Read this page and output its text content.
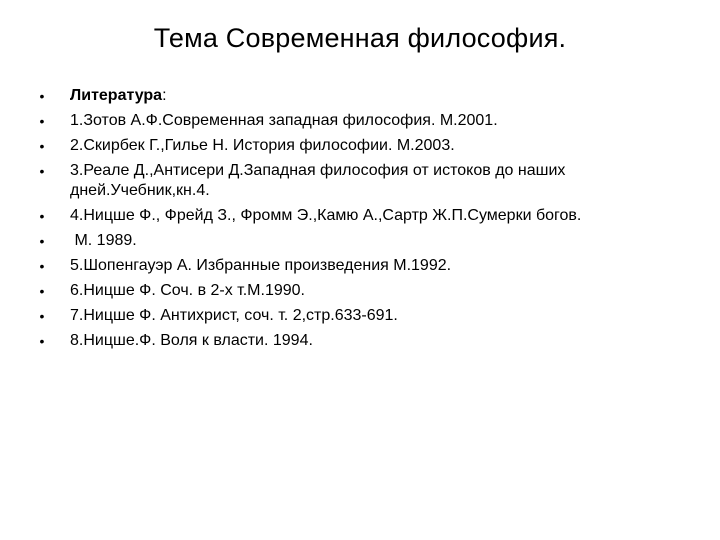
Тема Современная философия.
• Литература:
• 1.Зотов А.Ф.Современная западная философия. М.2001.
• 2.Скирбек Г.,Гилье Н. История философии. М.2003.
• 3.Реале Д.,Антисери Д.Западная философия от истоков до наших дней.Учебник,кн.4.
• 4.Ницше Ф., Фрейд З., Фромм Э.,Камю А.,Сартр Ж.П.Сумерки богов.
• М. 1989.
• 5.Шопенгауэр А. Избранные произведения М.1992.
• 6.Ницше Ф. Соч. в 2-х т.М.1990.
• 7.Ницше Ф. Антихрист, соч. т. 2,стр.633-691.
• 8.Ницше.Ф. Воля к власти. 1994.
